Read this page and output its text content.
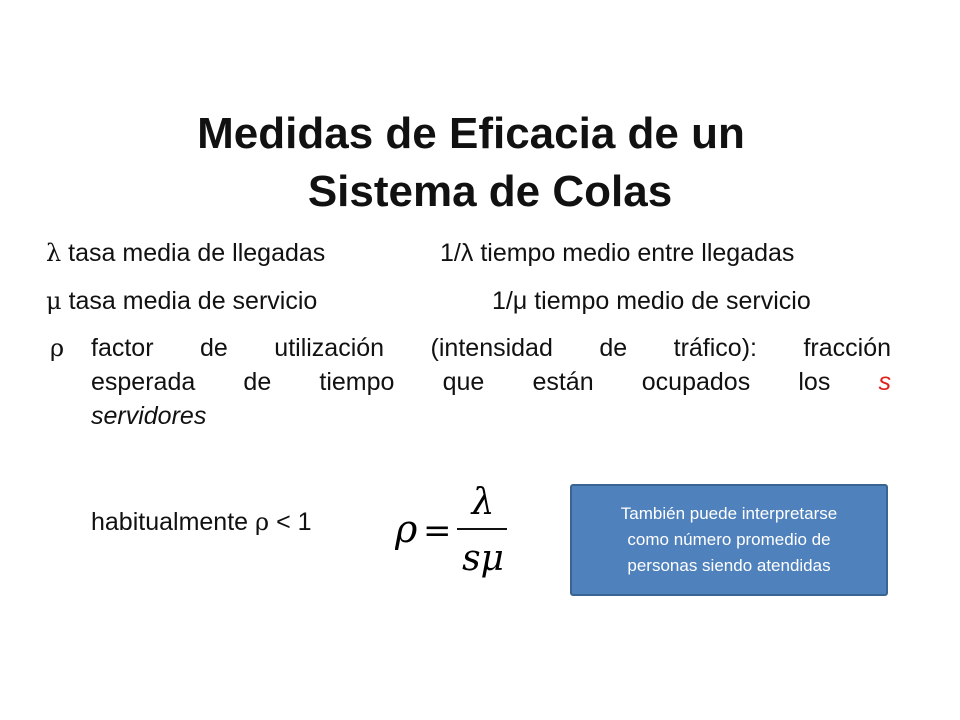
Medidas de Eficacia de un
Sistema de Colas
λ tasa media de llegadas	1/λ tiempo medio entre llegadas
μ tasa media de servicio	1/μ tiempo medio de servicio
ρ factor de utilización (intensidad de tráfico): fracción
esperada de tiempo que están ocupados los s
servidores
habitualmente ρ < 1 ρ =
λ
sμ
También puede interpretarse
como número promedio de
personas siendo atendidas
